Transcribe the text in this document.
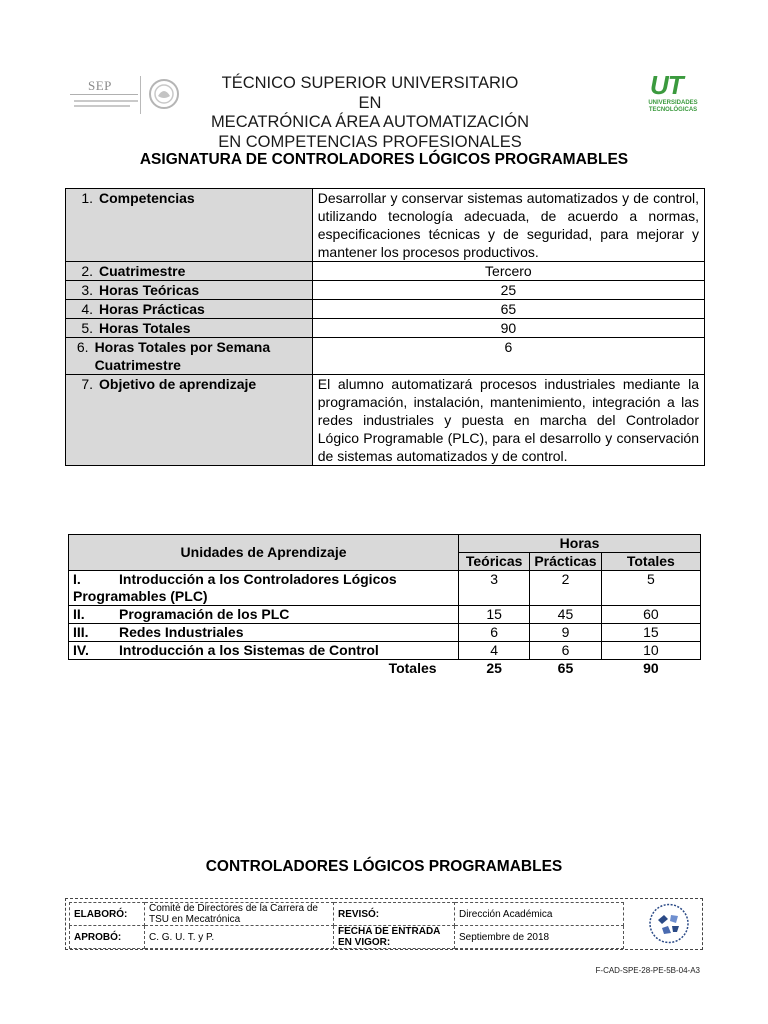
SEP	TÉCNICO SUPERIOR UNIVERSITARIO EN
MECATRÓNICA ÁREA AUTOMATIZACIÓN
EN COMPETENCIAS PROFESIONALES
UT
UNIVERSIDADES
TECNOLÓGICAS
ASIGNATURA DE CONTROLADORES LÓGICOS PROGRAMABLES
1. Competencias	Desarrollar y conservar sistemas automatizados y de control, utilizando tecnología adecuada, de acuerdo a normas, especificaciones técnicas y de seguridad, para mejorar y mantener los procesos productivos.

2. Cuatrimestre	Tercero

3. Horas Teóricas	25

4. Horas Prácticas	65

5. Horas Totales	90

6. Horas Totales por Semana Cuatrimestre	6

7. Objetivo de aprendizaje	El alumno automatizará procesos industriales mediante la programación, instalación, mantenimiento, integración a las redes industriales y puesta en marcha del Controlador Lógico Programable (PLC), para el desarrollo y conservación de sistemas automatizados y de control.
Unidades de Aprendizaje	Horas		
	Teóricas	Prácticas	Totales
I. Introducción a los Controladores Lógicos Programables (PLC)	3	2	5
II. Programación de los PLC	15	45	60
III. Redes Industriales	6	9	15
IV. Introducción a los Sistemas de Control	4	6	10
Totales	25	65	90
CONTROLADORES LÓGICOS PROGRAMABLES
ELABORÓ:	Comité de Directores de la Carrera de TSU en Mecatrónica	REVISÓ:	Dirección Académica
APROBÓ:	C. G. U. T. y P.	FECHA DE ENTRADA EN VIGOR:	Septiembre de 2018
F-CAD-SPE-28-PE-5B-04-A3
